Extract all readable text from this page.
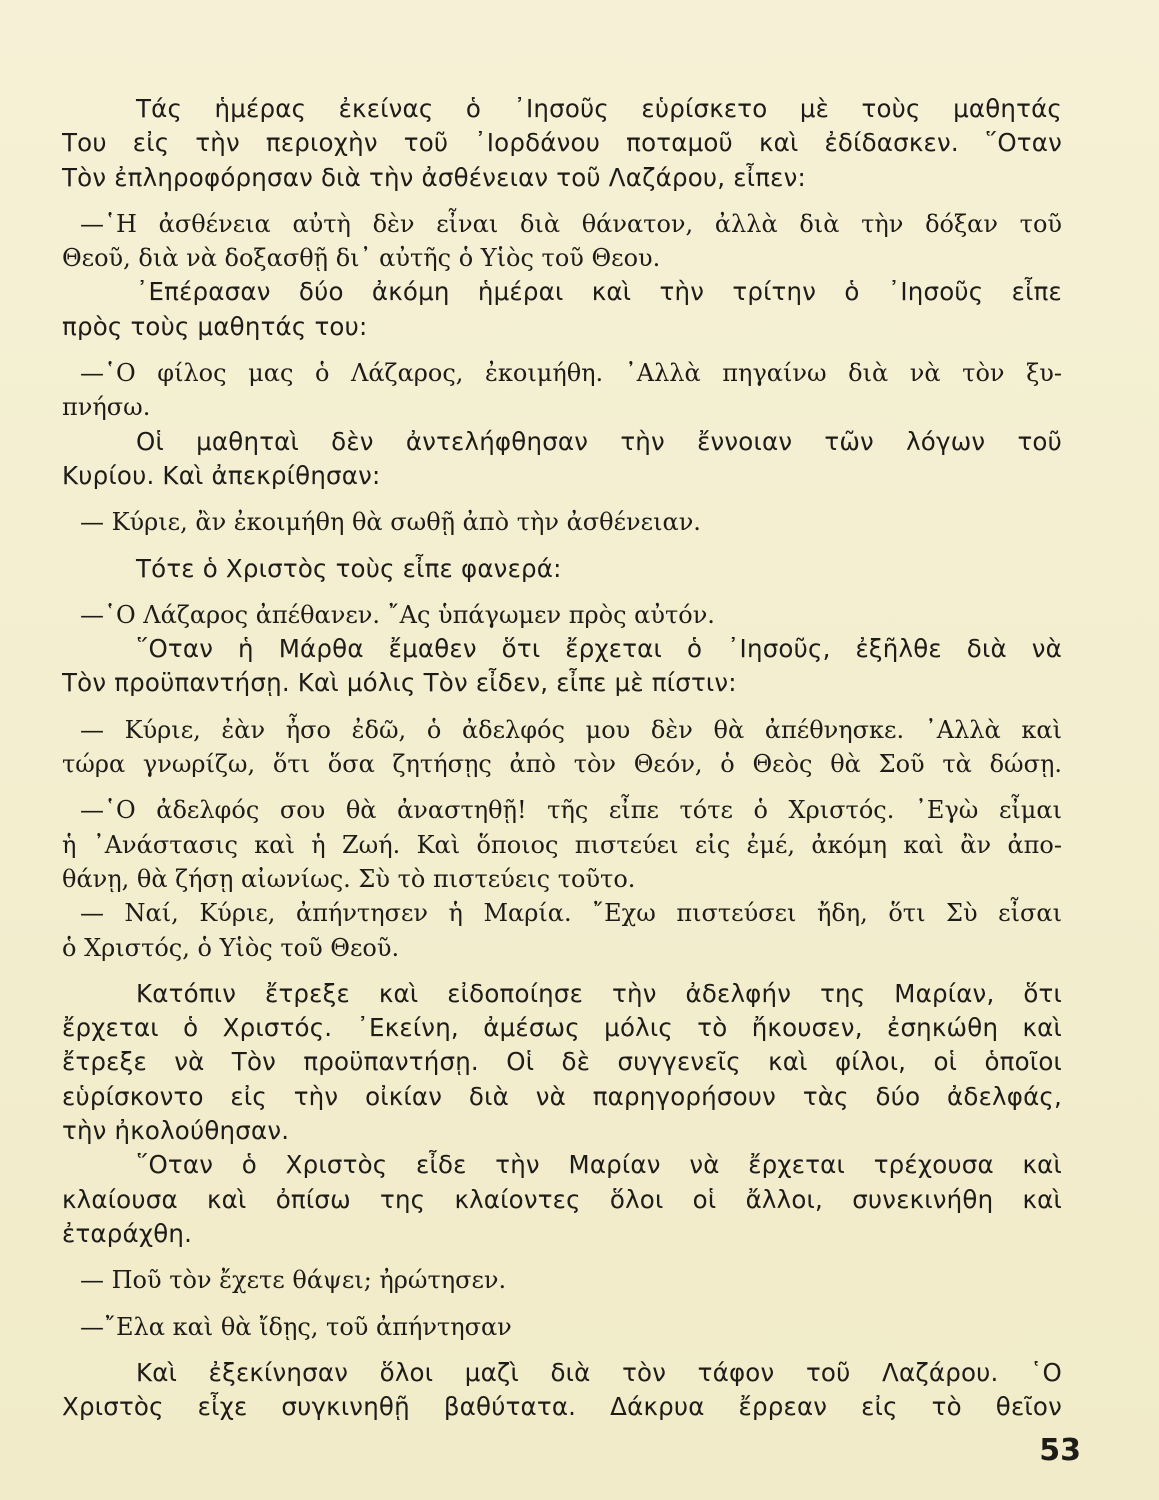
Τάς ἡμέρας ἐκείνας ὁ ᾿Ιησοῦς εὑρίσκετο μὲ τοὺς μαθητάς
Του εἰς τὴν περιοχὴν τοῦ ᾿Ιορδάνου ποταμοῦ καὶ ἐδίδασκεν. ῞Οταν
Τὸν ἐπληροφόρησαν διὰ τὴν ἀσθένειαν τοῦ Λαζάρου, εἶπεν:
—῾Η ἀσθένεια αὐτὴ δὲν εἶναι διὰ θάνατον, ἀλλὰ διὰ τὴν δόξαν τοῦ
Θεοῦ, διὰ νὰ δοξασθῇ δι᾿ αὐτῆς ὁ Υἱὸς τοῦ Θεου.
᾿Επέρασαν δύο ἀκόμη ἡμέραι καὶ τὴν τρίτην ὁ ᾿Ιησοῦς εἶπε
πρὸς τοὺς μαθητάς του:
—῾Ο φίλος μας ὁ Λάζαρος, ἐκοιμήθη. ᾿Αλλὰ πηγαίνω διὰ νὰ τὸν ξυ-
πνήσω.
Οἱ μαθηταὶ δὲν ἀντελήφθησαν τὴν ἔννοιαν τῶν λόγων τοῦ
Κυρίου. Καὶ ἀπεκρίθησαν:
— Κύριε, ἂν ἐκοιμήθη θὰ σωθῇ ἀπὸ τὴν ἀσθένειαν.
Τότε ὁ Χριστὸς τοὺς εἶπε φανερά:
—῾Ο Λάζαρος ἀπέθανεν. ῎Ας ὑπάγωμεν πρὸς αὐτόν.
῞Οταν ἡ Μάρθα ἔμαθεν ὅτι ἔρχεται ὁ ᾿Ιησοῦς, ἐξῆλθε διὰ νὰ
Τὸν προϋπαντήσῃ. Καὶ μόλις Τὸν εἶδεν, εἶπε μὲ πίστιν:
— Κύριε, ἐὰν ἦσο ἐδῶ, ὁ ἀδελφός μου δὲν θὰ ἀπέθνησκε. ᾿Αλλὰ καὶ
τώρα γνωρίζω, ὅτι ὅσα ζητήσῃς ἀπὸ τὸν Θεόν, ὁ Θεὸς θὰ Σοῦ τὰ δώσῃ.
—῾Ο ἀδελφός σου θὰ ἀναστηθῇ! τῆς εἶπε τότε ὁ Χριστός. ᾿Εγὼ εἶμαι
ἡ ᾿Ανάστασις καὶ ἡ Ζωή. Καὶ ὅποιος πιστεύει εἰς ἐμέ, ἀκόμη καὶ ἂν ἀπο-
θάνῃ, θὰ ζήσῃ αἰωνίως. Σὺ τὸ πιστεύεις τοῦτο.
— Ναί, Κύριε, ἀπήντησεν ἡ Μαρία. ῎Εχω πιστεύσει ἤδη, ὅτι Σὺ εἶσαι
ὁ Χριστός, ὁ Υἱὸς τοῦ Θεοῦ.
Κατόπιν ἔτρεξε καὶ εἰδοποίησε τὴν ἀδελφήν της Μαρίαν, ὅτι
ἔρχεται ὁ Χριστός. ᾿Εκείνη, ἀμέσως μόλις τὸ ἤκουσεν, ἐσηκώθη καὶ
ἔτρεξε νὰ Τὸν προϋπαντήσῃ. Οἱ δὲ συγγενεῖς καὶ φίλοι, οἱ ὁποῖοι
εὑρίσκοντο εἰς τὴν οἰκίαν διὰ νὰ παρηγορήσουν τὰς δύο ἀδελφάς,
τὴν ἠκολούθησαν.
῞Οταν ὁ Χριστὸς εἶδε τὴν Μαρίαν νὰ ἔρχεται τρέχουσα καὶ
κλαίουσα καὶ ὀπίσω της κλαίοντες ὅλοι οἱ ἄλλοι, συνεκινήθη καὶ
ἐταράχθη.
— Ποῦ τὸν ἔχετε θάψει; ἠρώτησεν.
—῎Ελα καὶ θὰ ἴδῃς, τοῦ ἀπήντησαν
Καὶ ἐξεκίνησαν ὅλοι μαζὶ διὰ τὸν τάφον τοῦ Λαζάρου. ῾Ο
Χριστὸς εἶχε συγκινηθῇ βαθύτατα. Δάκρυα ἔρρεαν εἰς τὸ θεῖον
53
